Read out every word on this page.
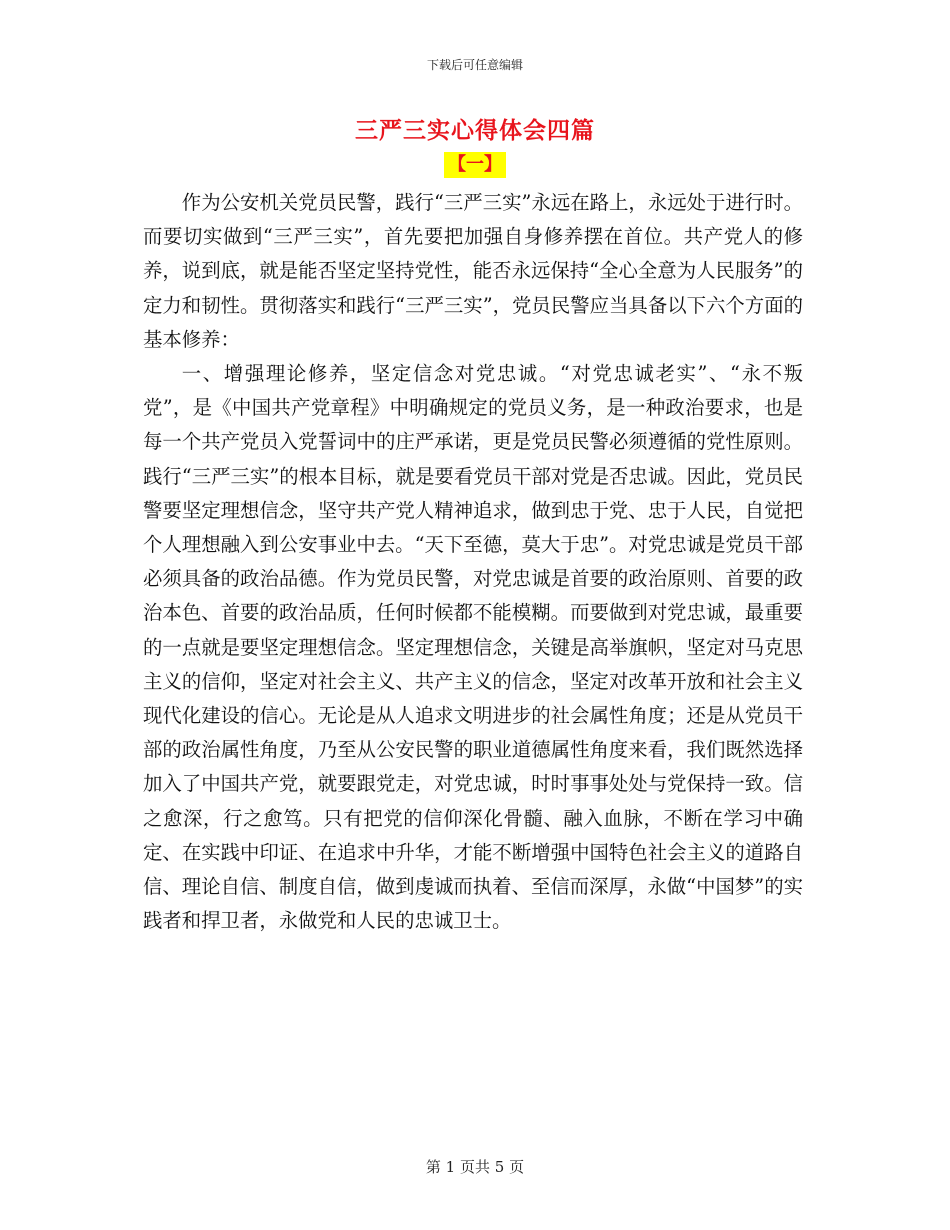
下载后可任意编辑
三严三实心得体会四篇
【一】

作为公安机关党员民警，践行“三严三实”永远在路上，永远处于进行时。而要切实做到“三严三实”，首先要把加强自身修养摆在首位。共产党人的修养，说到底，就是能否坚定坚持党性，能否永远保持“全心全意为人民服务”的定力和韧性。贯彻落实和践行“三严三实”，党员民警应当具备以下六个方面的基本修养：

一、增强理论修养，坚定信念对党忠诚。“对党忠诚老实”、“永不叛党”，是《中国共产党章程》中明确规定的党员义务，是一种政治要求，也是每一个共产党员入党誓词中的庄严承诺，更是党员民警必须遵循的党性原则。践行“三严三实”的根本目标，就是要看党员干部对党是否忠诚。因此，党员民警要坚定理想信念，坚守共产党人精神追求，做到忠于党、忠于人民，自觉把个人理想融入到公安事业中去。“天下至德，莫大于忠”。对党忠诚是党员干部必须具备的政治品德。作为党员民警，对党忠诚是首要的政治原则、首要的政治本色、首要的政治品质，任何时候都不能模糊。而要做到对党忠诚，最重要的一点就是要坚定理想信念。坚定理想信念，关键是高举旗帜，坚定对马克思主义的信仰，坚定对社会主义、共产主义的信念，坚定对改革开放和社会主义现代化建设的信心。无论是从人追求文明进步的社会属性角度；还是从党员干部的政治属性角度，乃至从公安民警的职业道德属性角度来看，我们既然选择加入了中国共产党，就要跟党走，对党忠诚，时时事事处处与党保持一致。信之愈深，行之愈笃。只有把党的信仰深化骨髓、融入血脉，不断在学习中确定、在实践中印证、在追求中升华，才能不断增强中国特色社会主义的道路自信、理论自信、制度自信，做到虔诚而执着、至信而深厚，永做“中国梦”的实践者和捍卫者，永做党和人民的忠诚卫士。

第 1 页共 5 页
